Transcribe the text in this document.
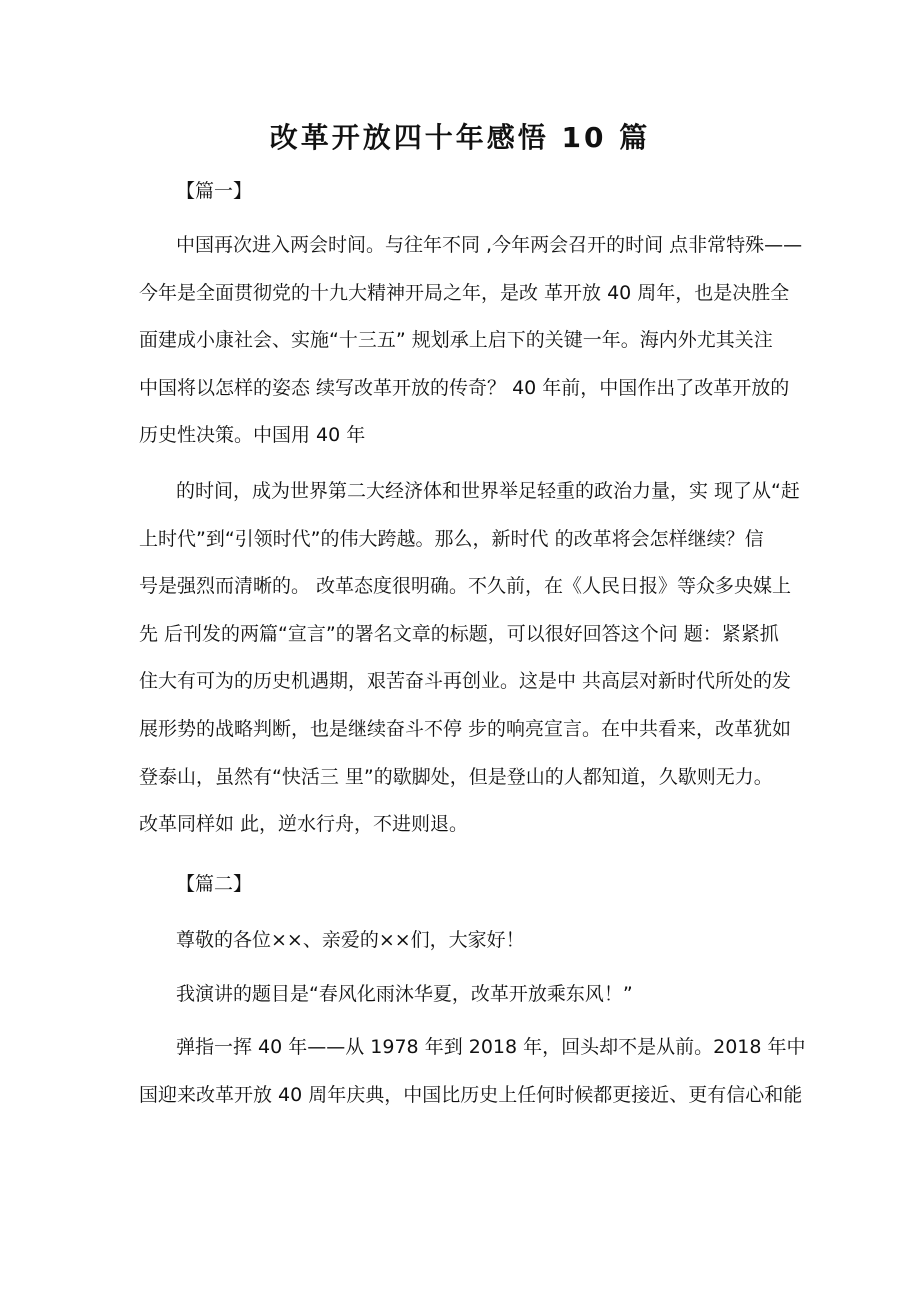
改革开放四十年感悟 10 篇
【篇一】
中国再次进入两会时间。与往年不同 ,今年两会召开的时间 点非常特殊——
今年是全面贯彻党的十九大精神开局之年，是改 革开放 40 周年，也是决胜全
面建成小康社会、实施“十三五” 规划承上启下的关键一年。海内外尤其关注
中国将以怎样的姿态 续写改革开放的传奇？ 40 年前，中国作出了改革开放的
历史性决策。中国用 40 年
的时间，成为世界第二大经济体和世界举足轻重的政治力量，实 现了从“赶
上时代”到“引领时代”的伟大跨越。那么，新时代 的改革将会怎样继续？信
号是强烈而清晰的。 改革态度很明确。不久前，在《人民日报》等众多央媒上
先 后刊发的两篇“宣言”的署名文章的标题，可以很好回答这个问 题：紧紧抓
住大有可为的历史机遇期，艰苦奋斗再创业。这是中 共高层对新时代所处的发
展形势的战略判断，也是继续奋斗不停 步的响亮宣言。在中共看来，改革犹如
登泰山，虽然有“快活三 里”的歇脚处，但是登山的人都知道，久歇则无力。
改革同样如 此，逆水行舟，不进则退。
【篇二】
尊敬的各位××、亲爱的××们，大家好！
我演讲的题目是“春风化雨沐华夏，改革开放乘东风！”
弹指一挥 40 年——从 1978 年到 2018 年，回头却不是从前。2018 年中
国迎来改革开放 40 周年庆典，中国比历史上任何时候都更接近、更有信心和能
